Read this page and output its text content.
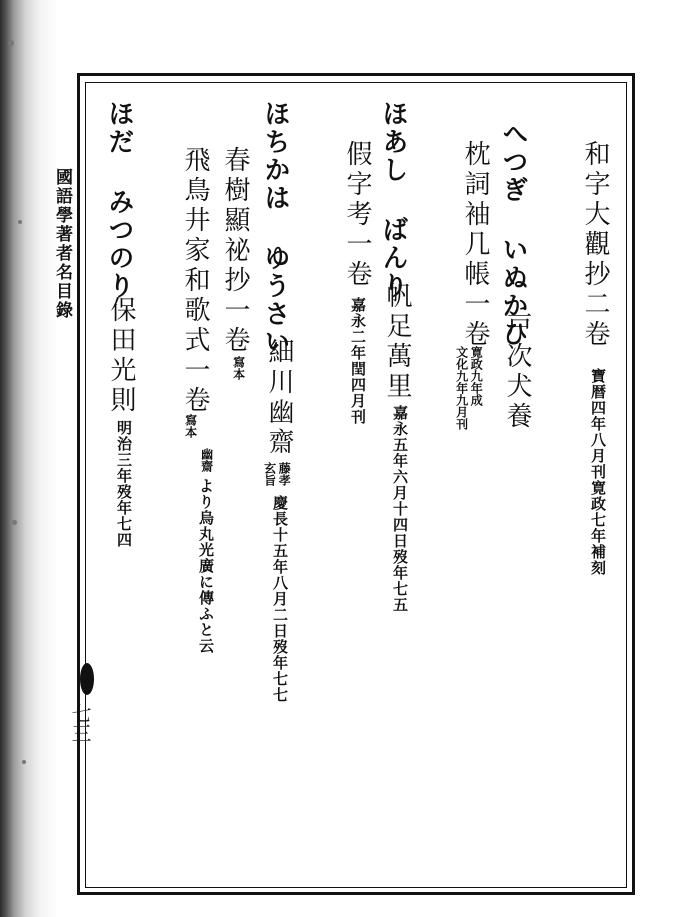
國語學著者名目錄
七三
和字大觀抄二卷
寶暦四年八月刊寛政七年補刻
へつぎ いぬかひ
戸次犬養
枕詞袖几帳一卷
寛政九年成
文化九年九月刊
ほあし ばんり
帆足萬里
嘉永五年六月十四日歿年七五
假字考一卷
嘉永二年閏四月刊
ほちかは ゆうさい
細川幽齋
藤孝
玄旨
慶長十五年八月二日歿年七七
春樹顯祕抄一卷
寫本
飛鳥井家和歌式一卷
寫本
幽齋
より烏丸光廣に傳ふと云
ほだ みつのり
保田光則
明治三年歿年七四
